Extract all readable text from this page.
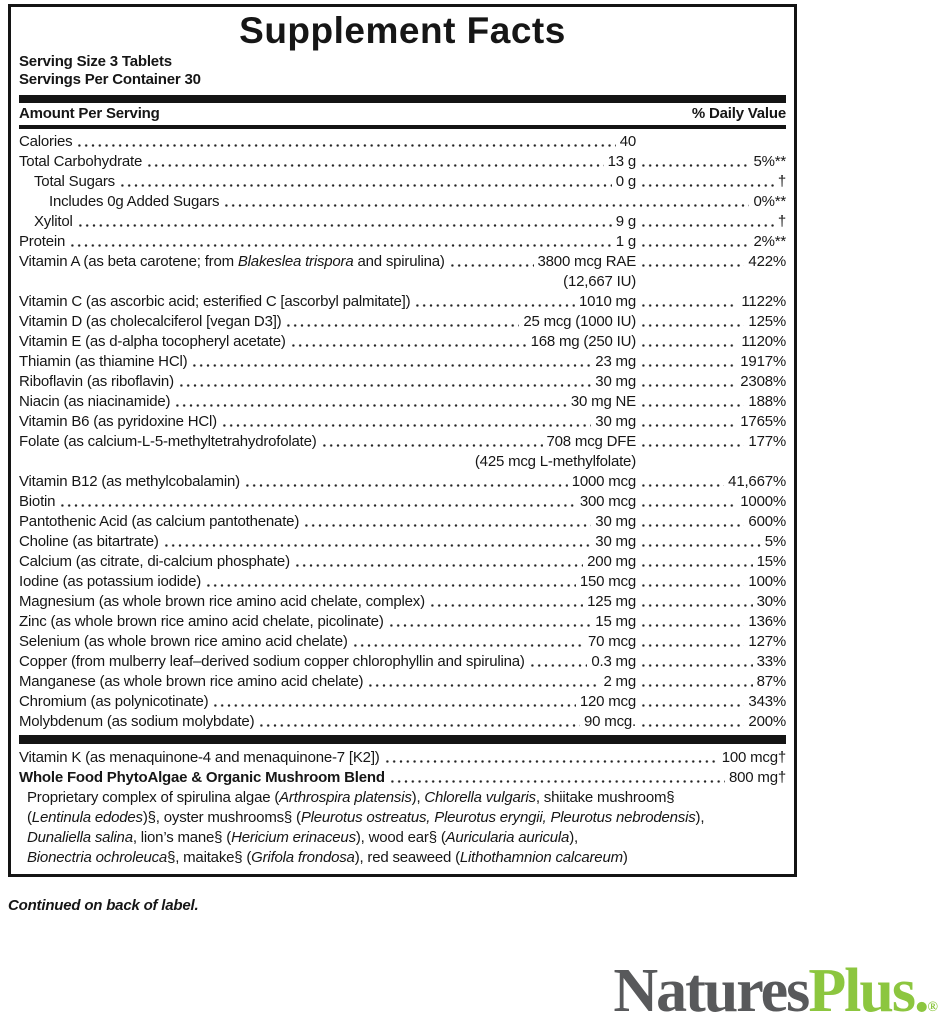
Supplement Facts
Serving Size 3 Tablets
Servings Per Container 30
Amount Per Serving	% Daily Value
Calories	40
Total Carbohydrate	13 g	5%**
Total Sugars	0 g	†
Includes 0g Added Sugars	0%**
Xylitol	9 g	†
Protein	1 g	2%**
Vitamin A (as beta carotene; from Blakeslea trispora and spirulina)	3800 mcg RAE	422%
(12,667 IU)
Vitamin C (as ascorbic acid; esterified C [ascorbyl palmitate])	1010 mg	1122%
Vitamin D (as cholecalciferol [vegan D3])	25 mcg (1000 IU)	125%
Vitamin E (as d-alpha tocopheryl acetate)	168 mg (250 IU)	1120%
Thiamin (as thiamine HCl)	23 mg	1917%
Riboflavin (as riboflavin)	30 mg	2308%
Niacin (as niacinamide)	30 mg NE	188%
Vitamin B6 (as pyridoxine HCl)	30 mg	1765%
Folate (as calcium-L-5-methyltetrahydrofolate)	708 mcg DFE	177%
(425 mcg L-methylfolate)
Vitamin B12 (as methylcobalamin)	1000 mcg	41,667%
Biotin	300 mcg	1000%
Pantothenic Acid (as calcium pantothenate)	30 mg	600%
Choline (as bitartrate)	30 mg	5%
Calcium (as citrate, di-calcium phosphate)	200 mg	15%
Iodine (as potassium iodide)	150 mcg	100%
Magnesium (as whole brown rice amino acid chelate, complex)	125 mg	30%
Zinc (as whole brown rice amino acid chelate, picolinate)	15 mg	136%
Selenium (as whole brown rice amino acid chelate)	70 mcg	127%
Copper (from mulberry leaf–derived sodium copper chlorophyllin and spirulina)	0.3 mg	33%
Manganese (as whole brown rice amino acid chelate)	2 mg	87%
Chromium (as polynicotinate)	120 mcg	343%
Molybdenum (as sodium molybdate)	90 mcg.	200%
Vitamin K (as menaquinone-4 and menaquinone-7 [K2])	100 mcg†
Whole Food PhytoAlgae & Organic Mushroom Blend	800 mg†
Proprietary complex of spirulina algae (Arthrospira platensis), Chlorella vulgaris, shiitake mushroom§
(Lentinula edodes)§, oyster mushrooms§ (Pleurotus ostreatus, Pleurotus eryngii, Pleurotus nebrodensis),
Dunaliella salina, lion’s mane§ (Hericium erinaceus), wood ear§ (Auricularia auricula),
Bionectria ochroleuca§, maitake§ (Grifola frondosa), red seaweed (Lithothamnion calcareum)
Continued on back of label.
NaturesPlus.®
